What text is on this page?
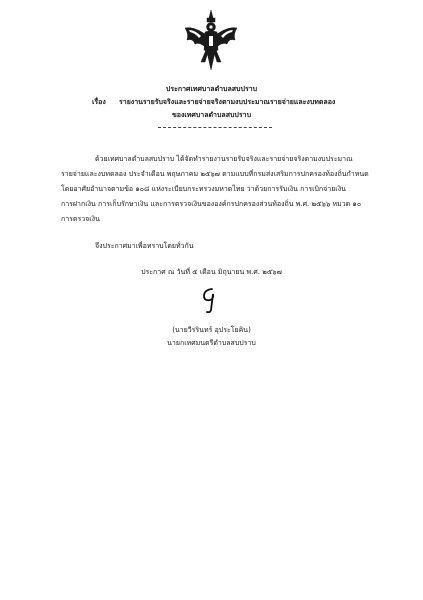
ประกาศเทศบาลตำบลสบปราบ
เรื่อง รายงานรายรับจริงและรายจ่ายจริงตามงบประมาณรายจ่ายและงบทดลอง
ของเทศบาลตำบลสบปราบ
ด้วยเทศบาลตำบลสบปราบ ได้จัดทำรายงานรายรับจริงและรายจ่ายจริงตามงบประมาณ
รายจ่ายและงบทดลอง ประจำเดือน พฤษภาคม ๒๕๖๗ ตามแบบที่กรมส่งเสริมการปกครองท้องถิ่นกำหนด
โดยอาศัยอำนาจตามข้อ ๑๐๘ แห่งระเบียบกระทรวงมหาดไทย ว่าด้วยการรับเงิน การเบิกจ่ายเงิน
การฝากเงิน การเก็บรักษาเงิน และการตรวจเงินขององค์กรปกครองส่วนท้องถิ่น พ.ศ. ๒๕๖๖ หมวด ๑๐
การตรวจเงิน
จึงประกาศมาเพื่อทราบโดยทั่วกัน
ประกาศ ณ วันที่ ๕ เดือน มิถุนายน พ.ศ. ๒๕๖๗
(นายวีรรินทร์ อุประโยคิน)
นายกเทศมนตรีตำบลสบปราบ
